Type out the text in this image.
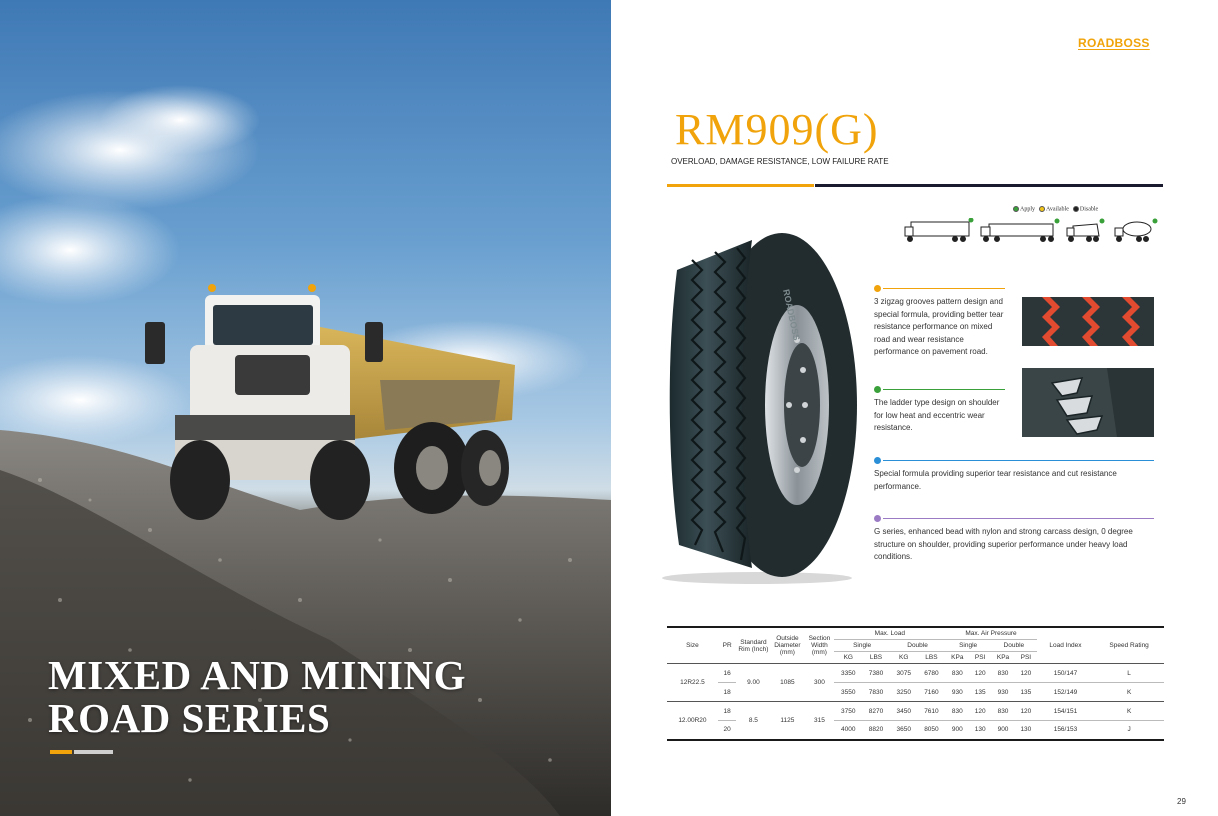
MIXED AND MINING
ROAD SERIES
ROADBOSS
RM909(G)
OVERLOAD, DAMAGE RESISTANCE, LOW FAILURE RATE
Apply	Available	Disable
ROADBOSS	3 zigzag grooves pattern design and special formula, providing better tear resistance performance on mixed road and wear resistance performance on pavement road.
The ladder type design on shoulder for low heat and eccentric wear resistance.
Special formula providing superior tear resistance and cut resistance performance.
G series, enhanced bead with nylon and strong carcass design, 0 degree structure on shoulder, providing superior performance under heavy load conditions.
Size	PR	Standard Rim (Inch)	Outside Diameter (mm)	Section Width (mm)	Max. Load				Max. Air Pressure				Load Index	Speed Rating
					Single		Double		Single		Double			
					KG	LBS	KG	LBS	KPa	PSI	KPa	PSI		
12R22.5	16	9.00	1085	300	3350	7380	3075	6780	830	120	830	120	150/147	L
	18				3550	7830	3250	7160	930	135	930	135	152/149	K
12.00R20	18	8.5	1125	315	3750	8270	3450	7610	830	120	830	120	154/151	K
	20				4000	8820	3650	8050	900	130	900	130	156/153	J
29
